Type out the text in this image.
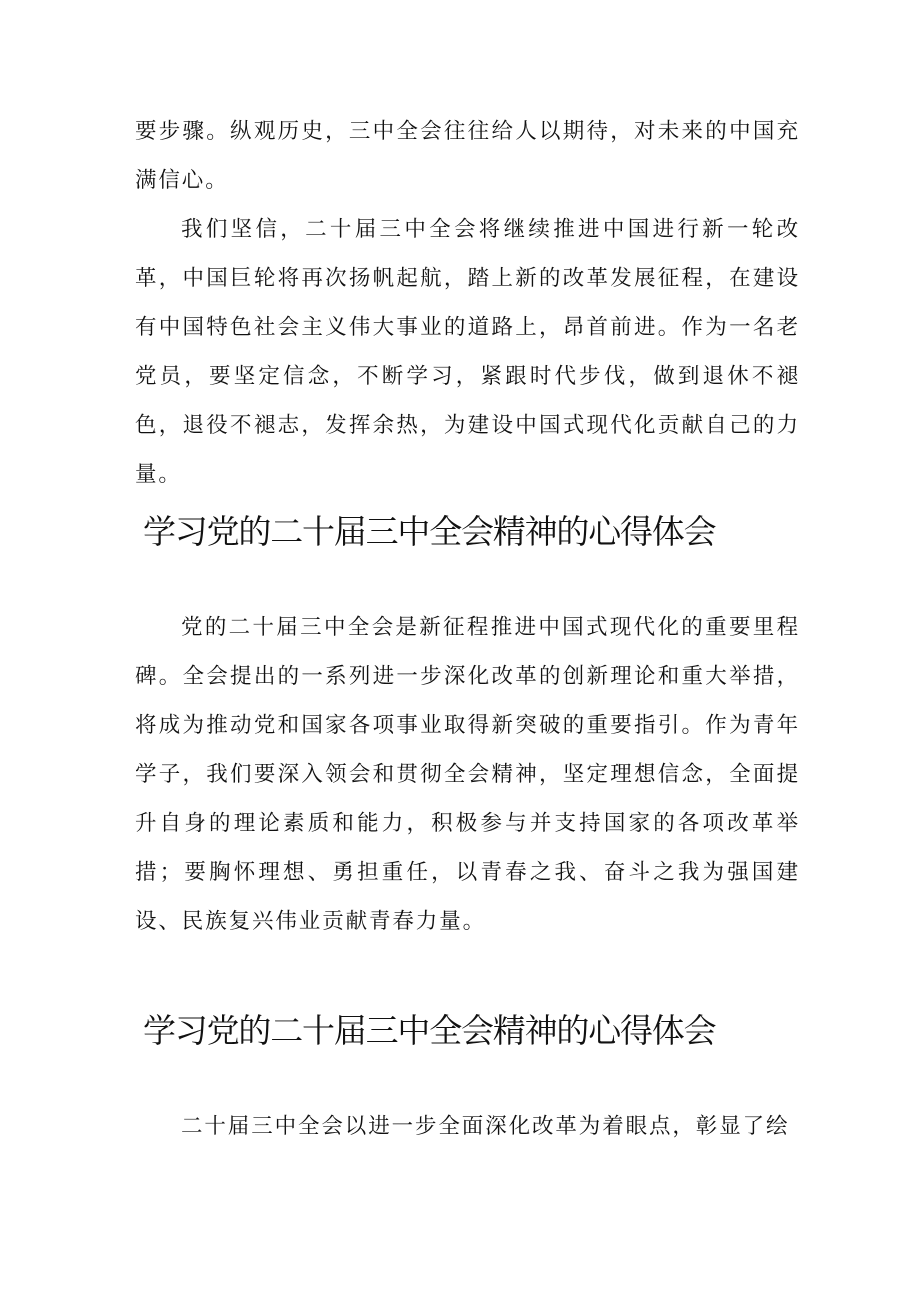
要步骤。纵观历史，三中全会往往给人以期待，对未来的中国充满信心。

我们坚信，二十届三中全会将继续推进中国进行新一轮改革，中国巨轮将再次扬帆起航，踏上新的改革发展征程，在建设有中国特色社会主义伟大事业的道路上，昂首前进。作为一名老党员，要坚定信念，不断学习，紧跟时代步伐，做到退休不褪色，退役不褪志，发挥余热，为建设中国式现代化贡献自己的力量。

学习党的二十届三中全会精神的心得体会

党的二十届三中全会是新征程推进中国式现代化的重要里程碑。全会提出的一系列进一步深化改革的创新理论和重大举措，将成为推动党和国家各项事业取得新突破的重要指引。作为青年学子，我们要深入领会和贯彻全会精神，坚定理想信念，全面提升自身的理论素质和能力，积极参与并支持国家的各项改革举措；要胸怀理想、勇担重任，以青春之我、奋斗之我为强国建设、民族复兴伟业贡献青春力量。

学习党的二十届三中全会精神的心得体会

二十届三中全会以进一步全面深化改革为着眼点，彰显了绘
